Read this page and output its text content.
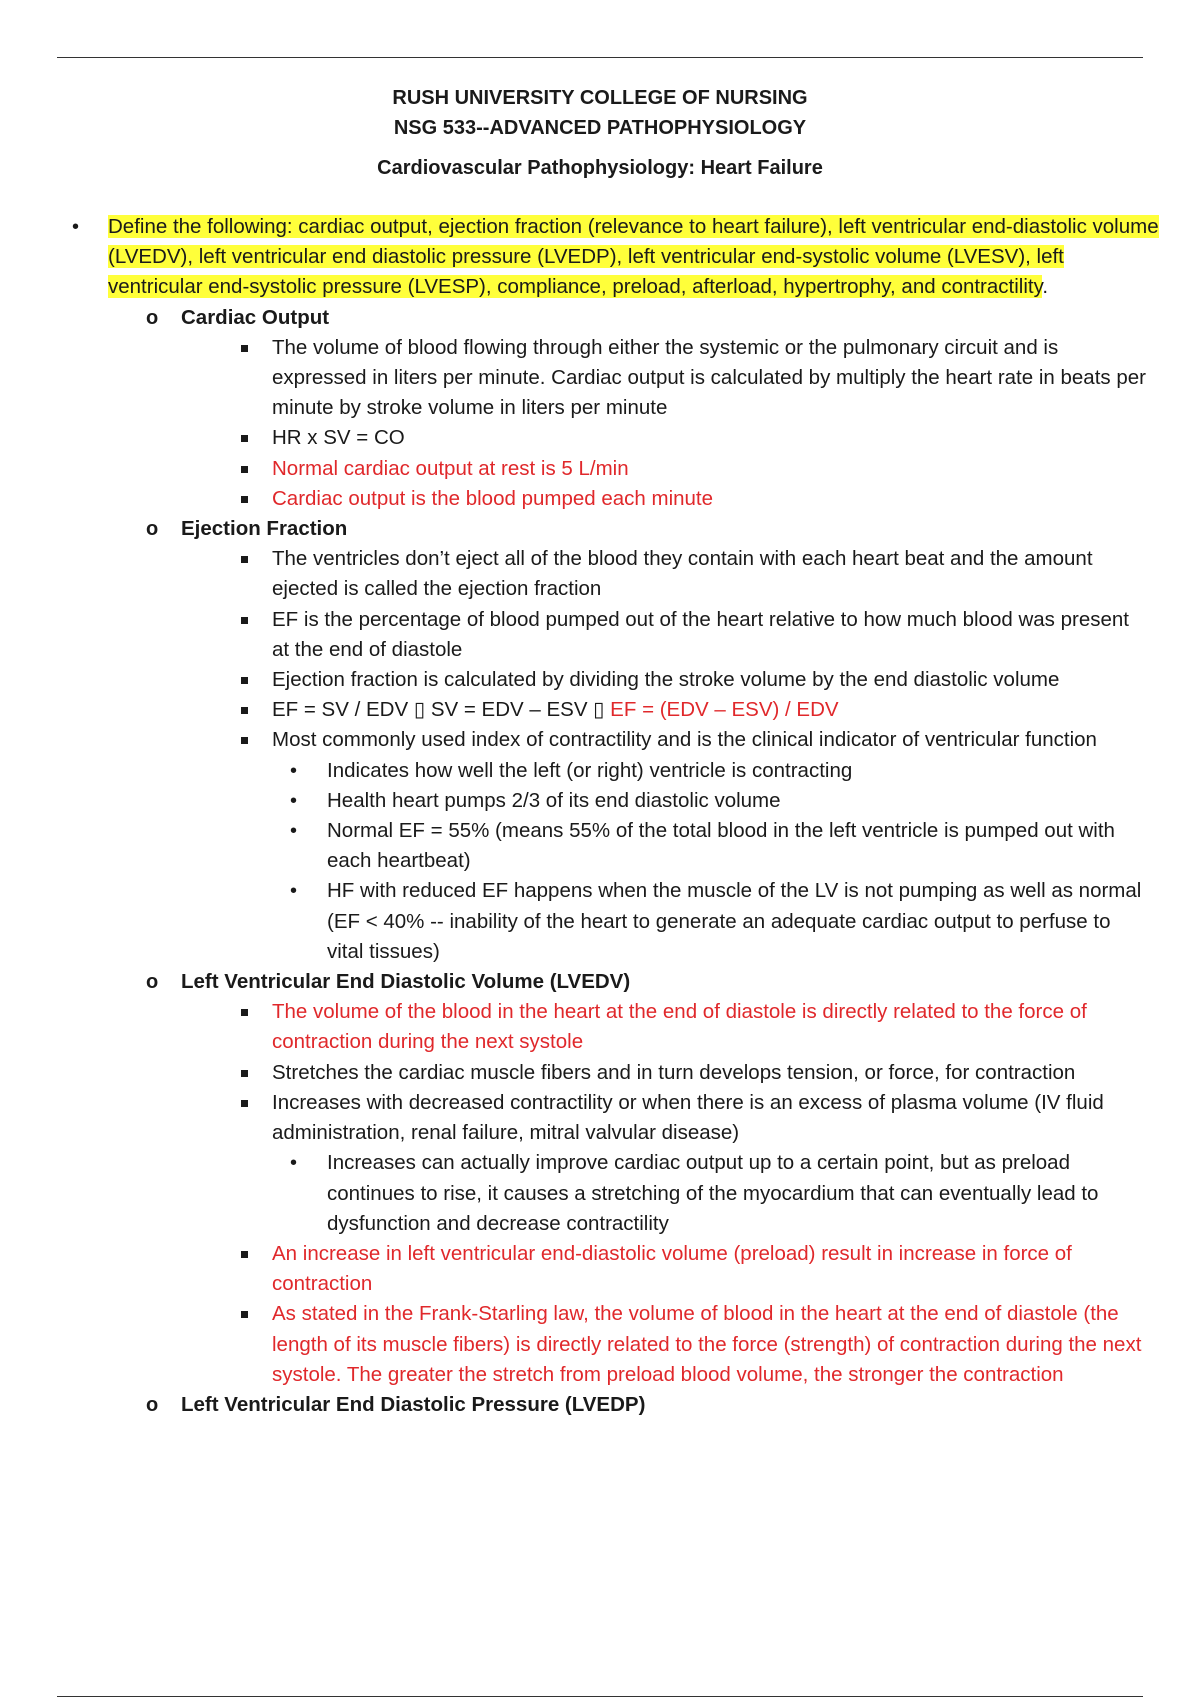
RUSH UNIVERSITY COLLEGE OF NURSING
NSG 533--ADVANCED PATHOPHYSIOLOGY
Cardiovascular Pathophysiology: Heart Failure
• Define the following: cardiac output, ejection fraction (relevance to heart failure), left ventricular end-diastolic volume (LVEDV), left ventricular end diastolic pressure (LVEDP), left ventricular end-systolic volume (LVESV), left ventricular end-systolic pressure (LVESP), compliance, preload, afterload, hypertrophy, and contractility.
o Cardiac Output
The volume of blood flowing through either the systemic or the pulmonary circuit and is expressed in liters per minute. Cardiac output is calculated by multiply the heart rate in beats per minute by stroke volume in liters per minute
HR x SV = CO
Normal cardiac output at rest is 5 L/min
Cardiac output is the blood pumped each minute
o Ejection Fraction
The ventricles don’t eject all of the blood they contain with each heart beat and the amount ejected is called the ejection fraction
EF is the percentage of blood pumped out of the heart relative to how much blood was present at the end of diastole
Ejection fraction is calculated by dividing the stroke volume by the end diastolic volume
EF = SV / EDV ▯ SV = EDV – ESV ▯ EF = (EDV – ESV) / EDV
Most commonly used index of contractility and is the clinical indicator of ventricular function
• Indicates how well the left (or right) ventricle is contracting
• Health heart pumps 2/3 of its end diastolic volume
• Normal EF = 55% (means 55% of the total blood in the left ventricle is pumped out with each heartbeat)
• HF with reduced EF happens when the muscle of the LV is not pumping as well as normal (EF < 40% -- inability of the heart to generate an adequate cardiac output to perfuse to vital tissues)
o Left Ventricular End Diastolic Volume (LVEDV)
The volume of the blood in the heart at the end of diastole is directly related to the force of contraction during the next systole
Stretches the cardiac muscle fibers and in turn develops tension, or force, for contraction
Increases with decreased contractility or when there is an excess of plasma volume (IV fluid administration, renal failure, mitral valvular disease)
• Increases can actually improve cardiac output up to a certain point, but as preload continues to rise, it causes a stretching of the myocardium that can eventually lead to dysfunction and decrease contractility
An increase in left ventricular end-diastolic volume (preload) result in increase in force of contraction
As stated in the Frank-Starling law, the volume of blood in the heart at the end of diastole (the length of its muscle fibers) is directly related to the force (strength) of contraction during the next systole. The greater the stretch from preload blood volume, the stronger the contraction
o Left Ventricular End Diastolic Pressure (LVEDP)
